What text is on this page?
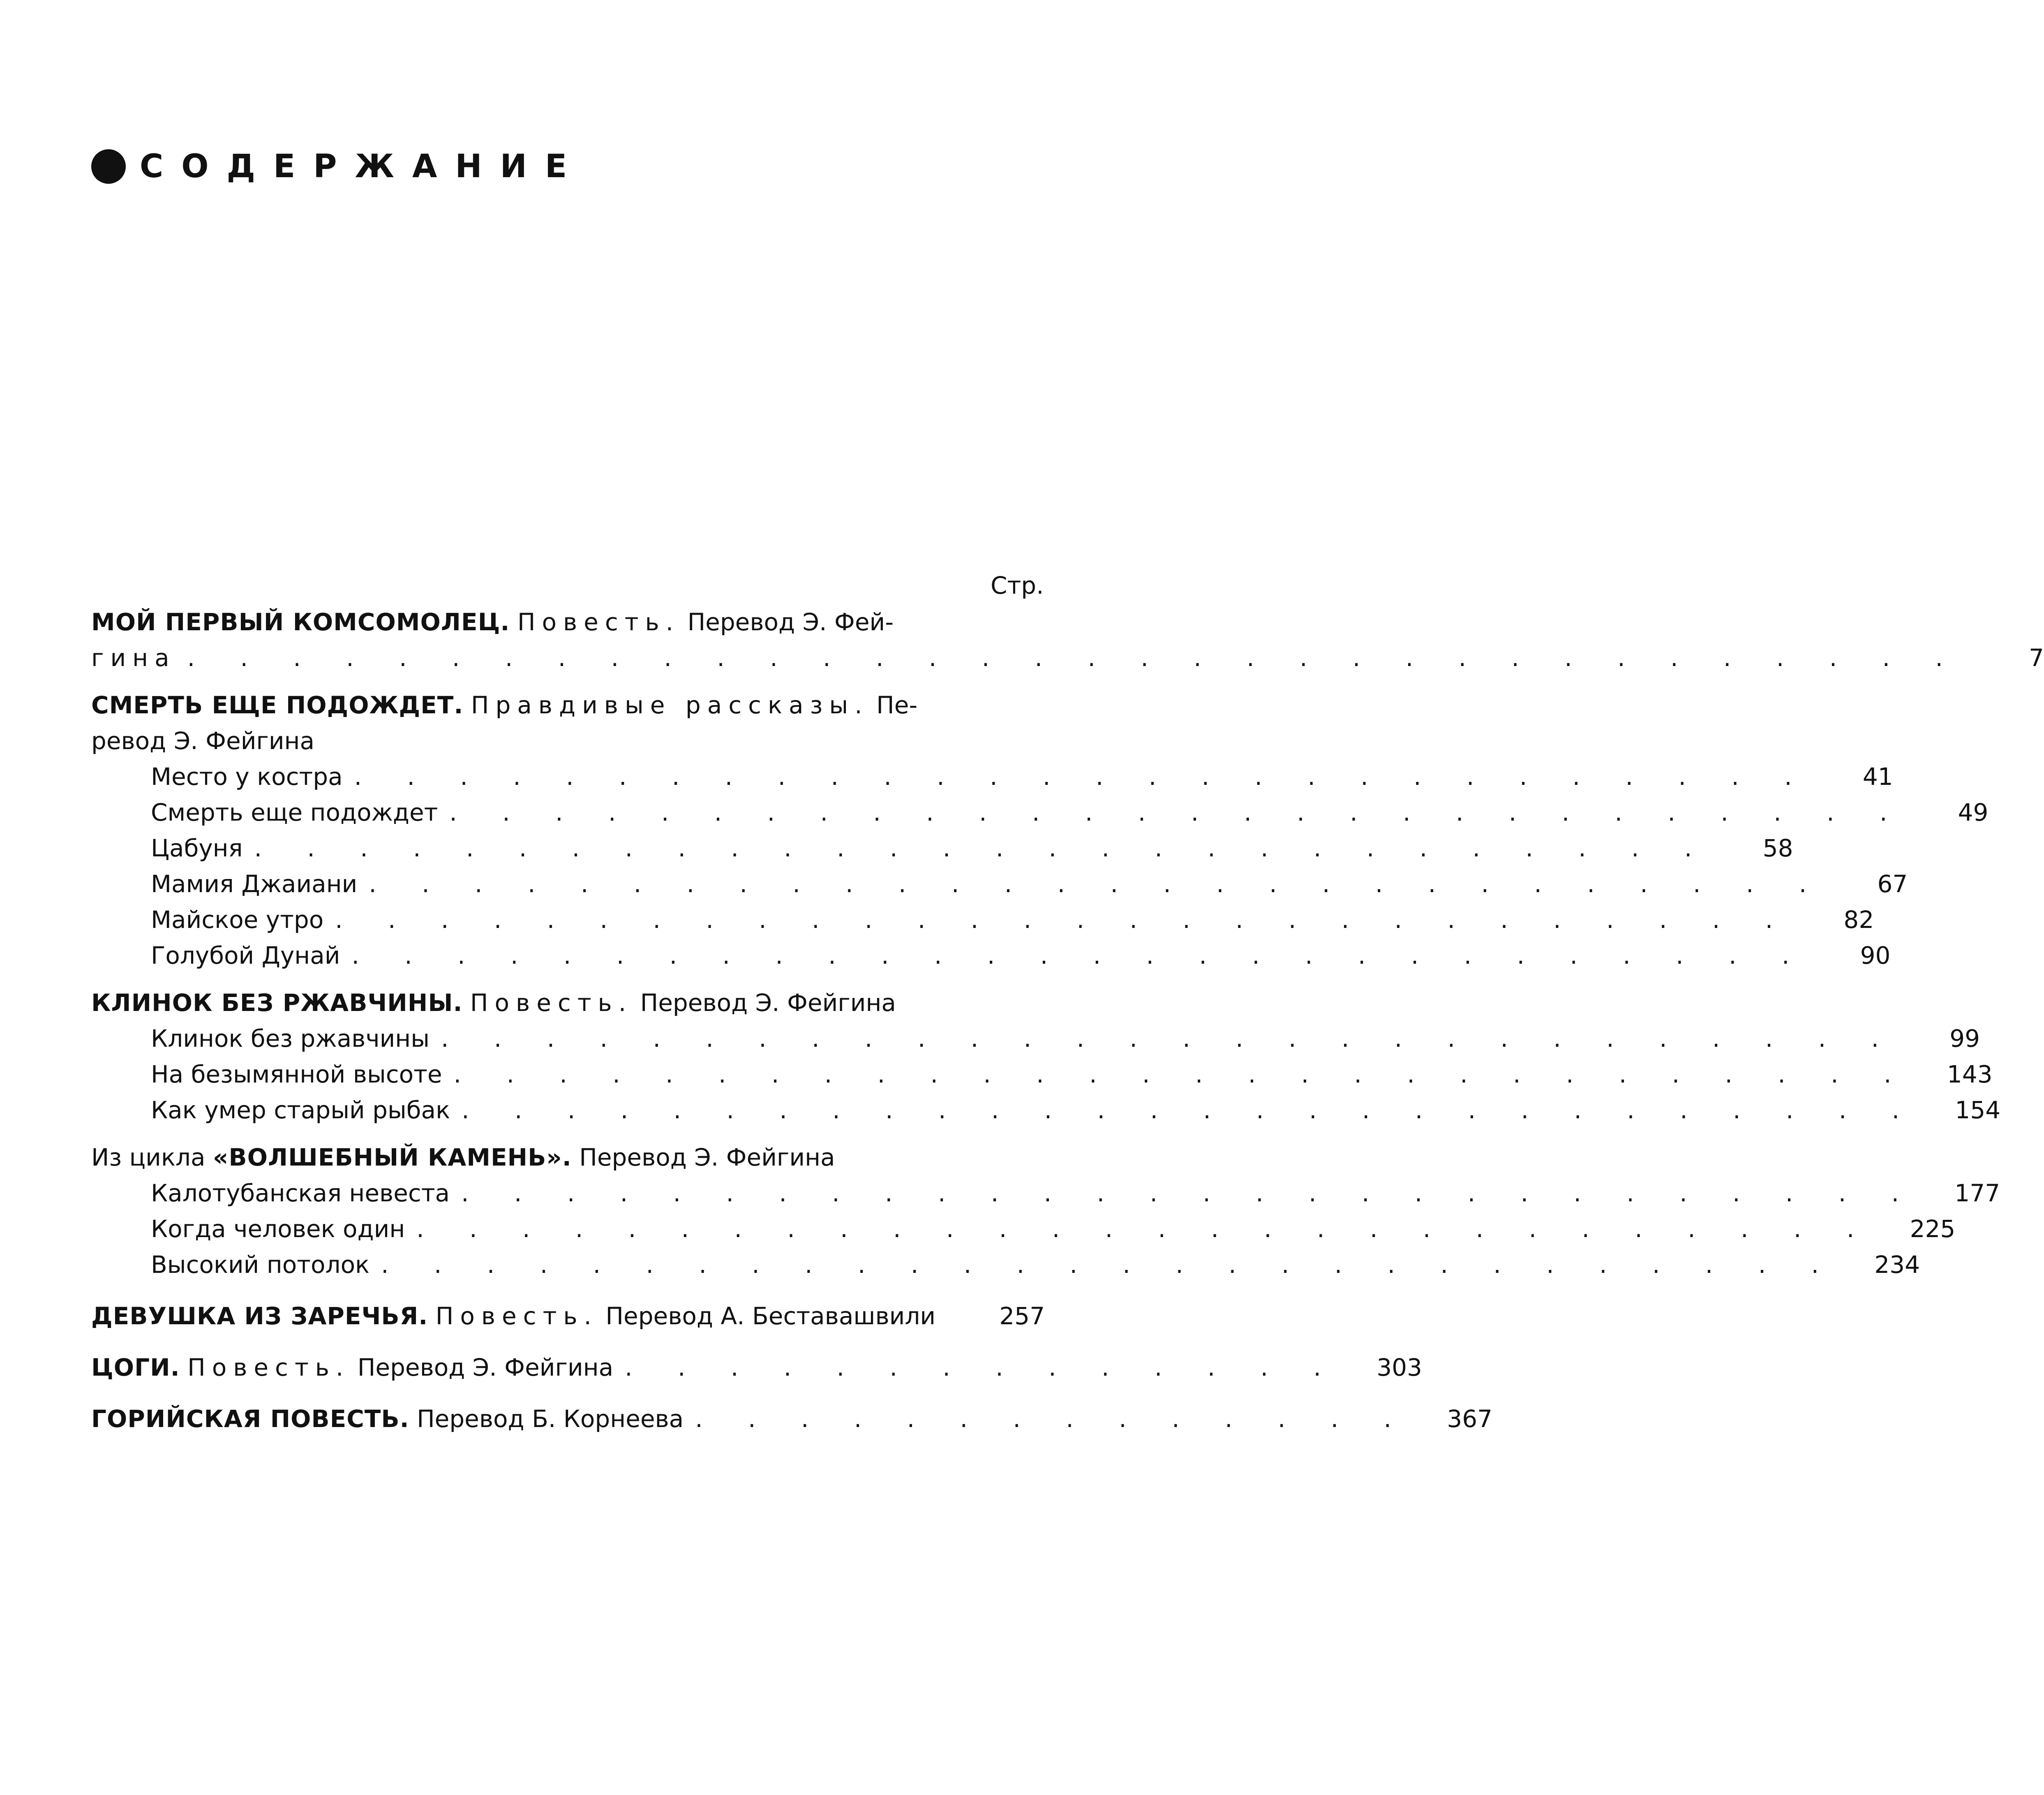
СОДЕРЖАНИЕ
Стр.
МОЙ ПЕРВЫЙ КОМСОМОЛЕЦ. Повесть. Перевод Э. Фей-
гина . . . . . . . . . . . . . . . . . . . . . . . . . . . . . . . . . .	7
СМЕРТЬ ЕЩЕ ПОДОЖДЕТ. Правдивые рассказы. Пе-
ревод Э. Фейгина
Место у костра . . . . . . . . . . . . . . . . . . . . . . . . . . . .	41
Смерть еще подождет . . . . . . . . . . . . . . . . . . . . . . . . . . . .	49
Цабуня . . . . . . . . . . . . . . . . . . . . . . . . . . . .	58
Мамия Джаиани . . . . . . . . . . . . . . . . . . . . . . . . . . . .	67
Майское утро . . . . . . . . . . . . . . . . . . . . . . . . . . . .	82
Голубой Дунай . . . . . . . . . . . . . . . . . . . . . . . . . . . .	90
КЛИНОК БЕЗ РЖАВЧИНЫ. Повесть. Перевод Э. Фейгина
Клинок без ржавчины . . . . . . . . . . . . . . . . . . . . . . . . . . . .	99
На безымянной высоте . . . . . . . . . . . . . . . . . . . . . . . . . . . .	143
Как умер старый рыбак . . . . . . . . . . . . . . . . . . . . . . . . . . . .	154
Из цикла «ВОЛШЕБНЫЙ КАМЕНЬ». Перевод Э. Фейгина
Калотубанская невеста . . . . . . . . . . . . . . . . . . . . . . . . . . . .	177
Когда человек один . . . . . . . . . . . . . . . . . . . . . . . . . . . .	225
Высокий потолок . . . . . . . . . . . . . . . . . . . . . . . . . . . .	234
ДЕВУШКА ИЗ ЗАРЕЧЬЯ. Повесть. Перевод А. Беставашвили	257
ЦОГИ. Повесть. Перевод Э. Фейгина . . . . . . . . . . . . . .	303
ГОРИЙСКАЯ ПОВЕСТЬ. Перевод Б. Корнеева . . . . . . . . . . . . . .	367
